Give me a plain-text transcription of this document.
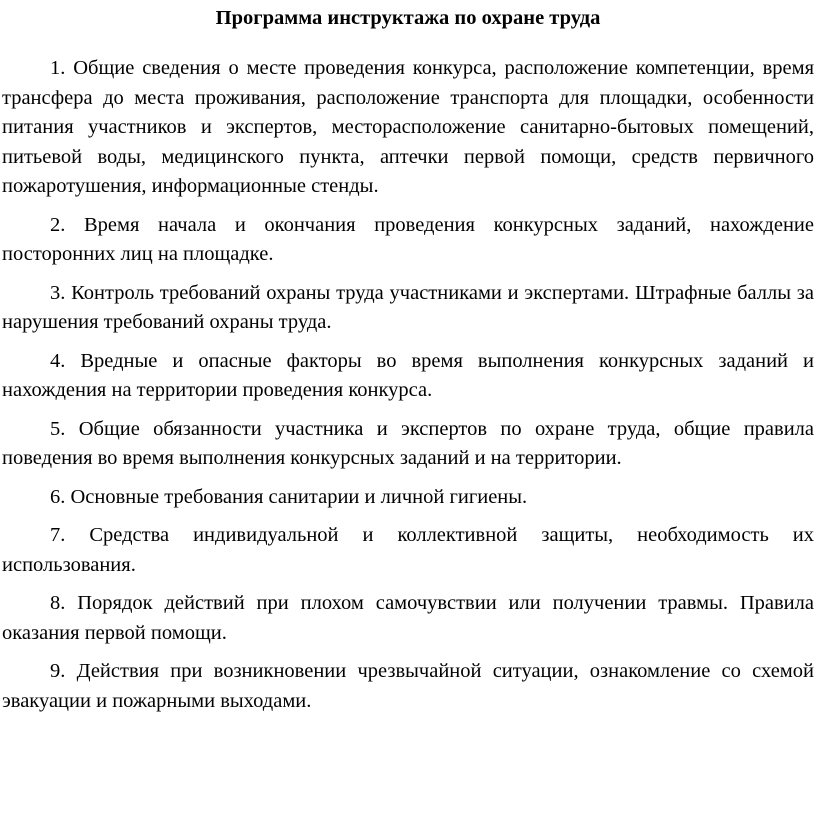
Программа инструктажа по охране труда

1. Общие сведения о месте проведения конкурса, расположение компетенции, время трансфера до места проживания, расположение транспорта для площадки, особенности питания участников и экспертов, месторасположение санитарно-бытовых помещений, питьевой воды, медицинского пункта, аптечки первой помощи, средств первичного пожаротушения, информационные стенды.

2. Время начала и окончания проведения конкурсных заданий, нахождение посторонних лиц на площадке.

3. Контроль требований охраны труда участниками и экспертами. Штрафные баллы за нарушения требований охраны труда.

4. Вредные и опасные факторы во время выполнения конкурсных заданий и нахождения на территории проведения конкурса.

5. Общие обязанности участника и экспертов по охране труда, общие правила поведения во время выполнения конкурсных заданий и на территории.

6. Основные требования санитарии и личной гигиены.

7. Средства индивидуальной и коллективной защиты, необходимость их использования.

8. Порядок действий при плохом самочувствии или получении травмы. Правила оказания первой помощи.

9. Действия при возникновении чрезвычайной ситуации, ознакомление со схемой эвакуации и пожарными выходами.
